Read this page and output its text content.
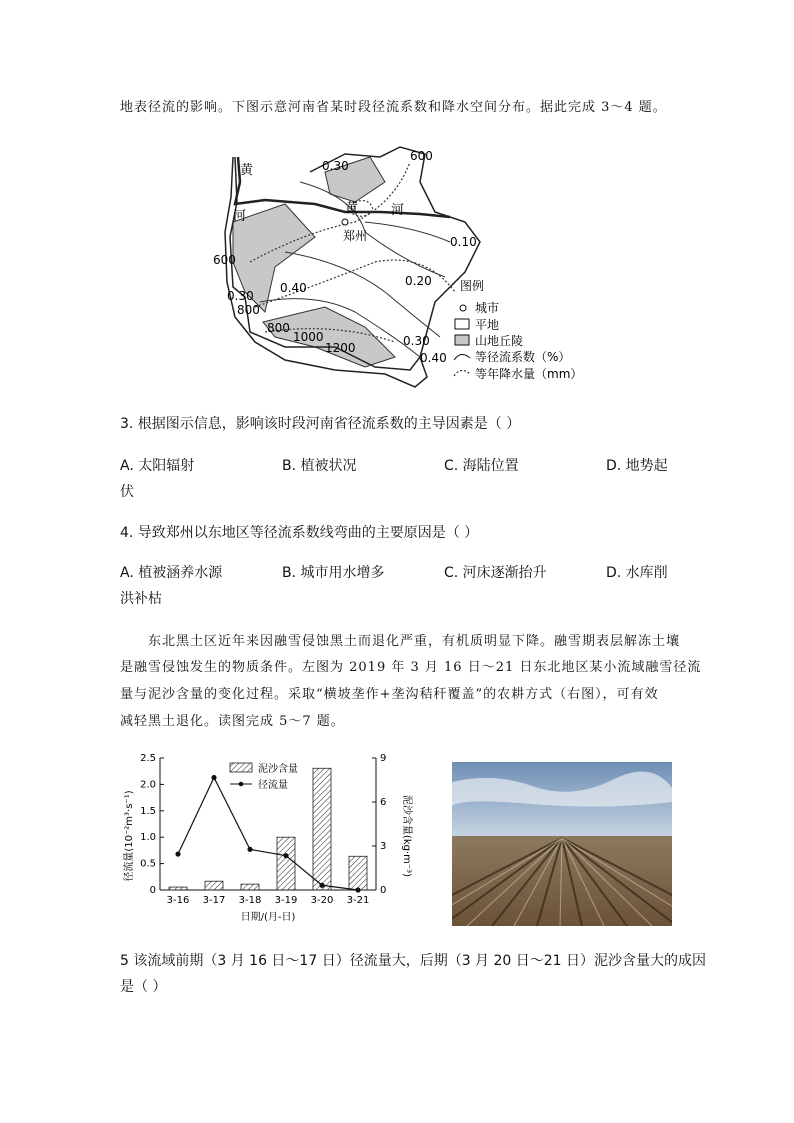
地表径流的影响。下图示意河南省某时段径流系数和降水空间分布。据此完成 3～4 题。
黄
河
黄	河
郑州
0.30
600
0.10
600
0.20
0.40
0.30
800
800
1000
1200	0.30
0.40
图例
城市
平地
山地丘陵
等径流系数（%）
等年降水量（mm）
3. 根据图示信息，影响该时段河南省径流系数的主导因素是（ ）
A. 太阳辐射	B. 植被状况	C. 海陆位置	D. 地势起
伏
4. 导致郑州以东地区等径流系数线弯曲的主要原因是（ ）
A. 植被涵养水源	B. 城市用水增多	C. 河床逐渐抬升	D. 水库削
洪补枯
东北黑土区近年来因融雪侵蚀黑土而退化严重，有机质明显下降。融雪期表层解冻土壤
是融雪侵蚀发生的物质条件。左图为 2019 年 3 月 16 日～21 日东北地区某小流域融雪径流
量与泥沙含量的变化过程。采取“横坡垄作+垄沟秸秆覆盖”的农耕方式（右图），可有效
减轻黑土退化。读图完成 5～7 题。
0
0.5
1.0
1.5
2.0
2.5
0
3
6
9
3-16 3-17 3-18 3-19 3-20 3-21
径流量(10⁻²m³·s⁻¹)	泥沙含量(kg·m⁻³)
日期/(月-日)
泥沙含量
径流量
5 该流域前期（3 月 16 日～17 日）径流量大，后期（3 月 20 日～21 日）泥沙含量大的成因
是（ ）
